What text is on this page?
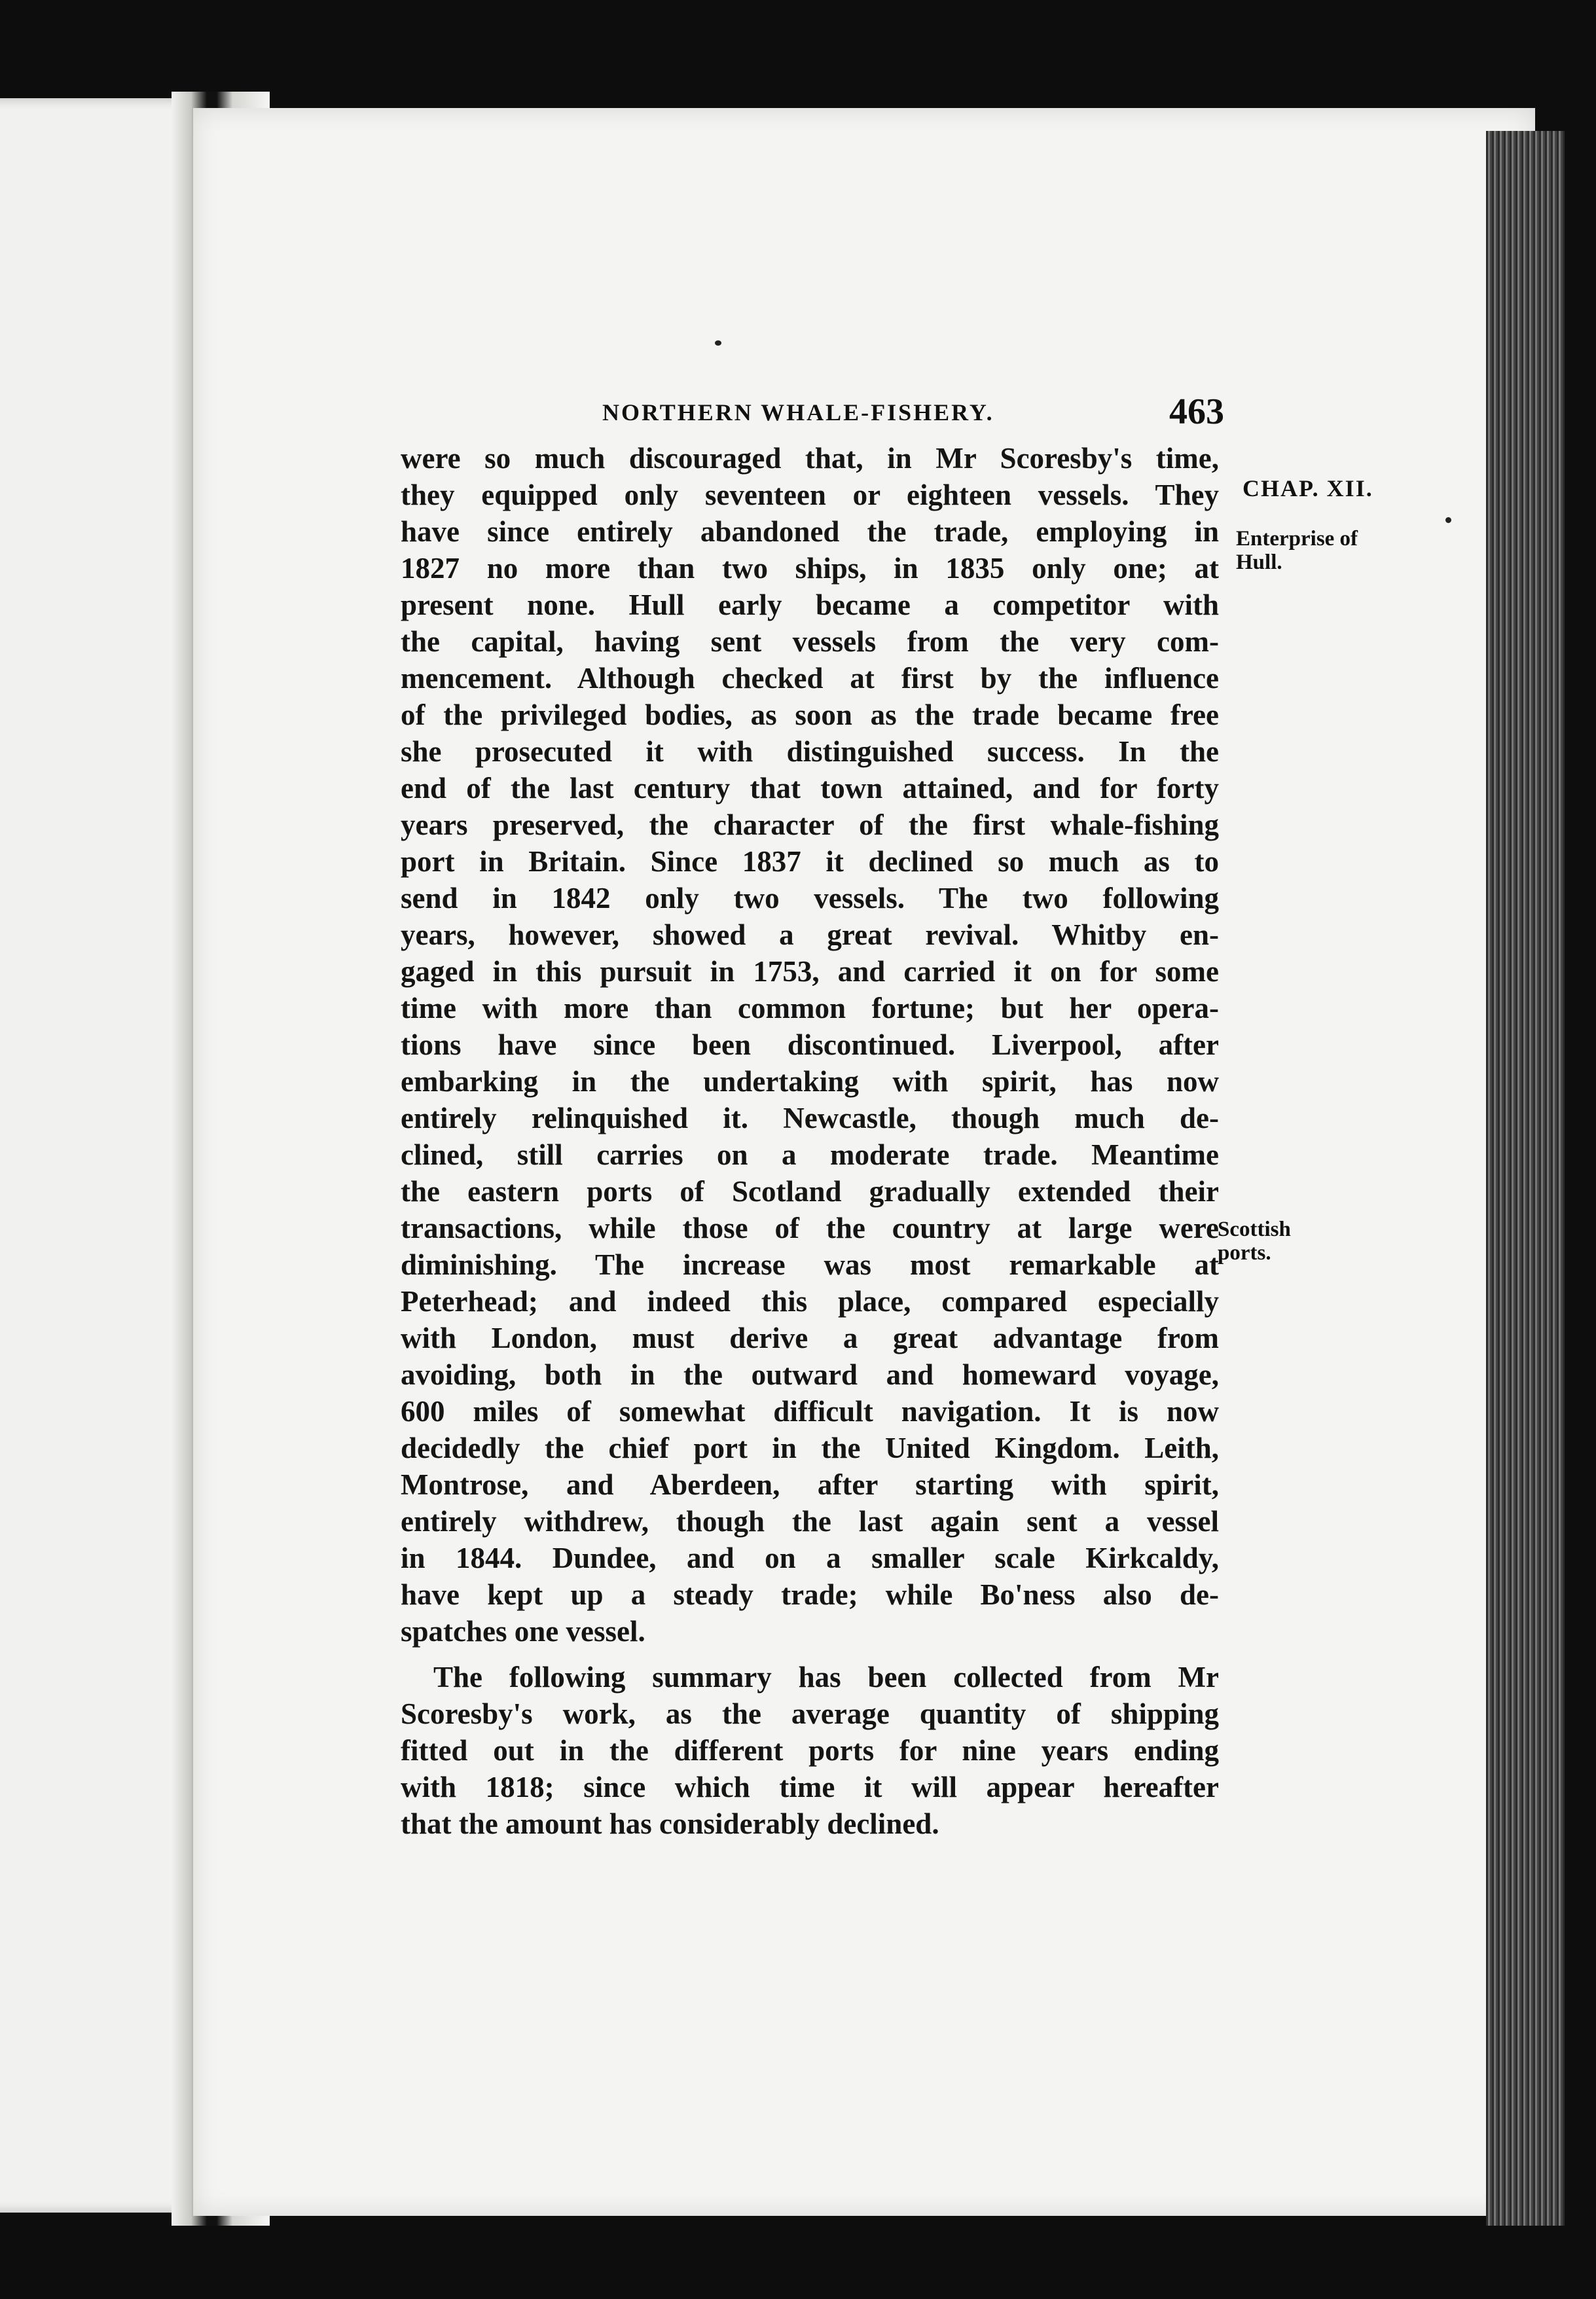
NORTHERN WHALE-FISHERY.	463
CHAP. XII.
Enterprise of Hull.
Scottish ports.
were so much discouraged that, in Mr Scoresby's time,
they equipped only seventeen or eighteen vessels. They
have since entirely abandoned the trade, employing in
1827 no more than two ships, in 1835 only one; at
present none. Hull early became a competitor with
the capital, having sent vessels from the very com-
mencement. Although checked at first by the influence
of the privileged bodies, as soon as the trade became free
she prosecuted it with distinguished success. In the
end of the last century that town attained, and for forty
years preserved, the character of the first whale-fishing
port in Britain. Since 1837 it declined so much as to
send in 1842 only two vessels. The two following
years, however, showed a great revival. Whitby en-
gaged in this pursuit in 1753, and carried it on for some
time with more than common fortune; but her opera-
tions have since been discontinued. Liverpool, after
embarking in the undertaking with spirit, has now
entirely relinquished it. Newcastle, though much de-
clined, still carries on a moderate trade. Meantime
the eastern ports of Scotland gradually extended their
transactions, while those of the country at large were
diminishing. The increase was most remarkable at
Peterhead; and indeed this place, compared especially
with London, must derive a great advantage from
avoiding, both in the outward and homeward voyage,
600 miles of somewhat difficult navigation. It is now
decidedly the chief port in the United Kingdom. Leith,
Montrose, and Aberdeen, after starting with spirit,
entirely withdrew, though the last again sent a vessel
in 1844. Dundee, and on a smaller scale Kirkcaldy,
have kept up a steady trade; while Bo'ness also de-
spatches one vessel.
The following summary has been collected from Mr
Scoresby's work, as the average quantity of shipping
fitted out in the different ports for nine years ending
with 1818; since which time it will appear hereafter
that the amount has considerably declined.
